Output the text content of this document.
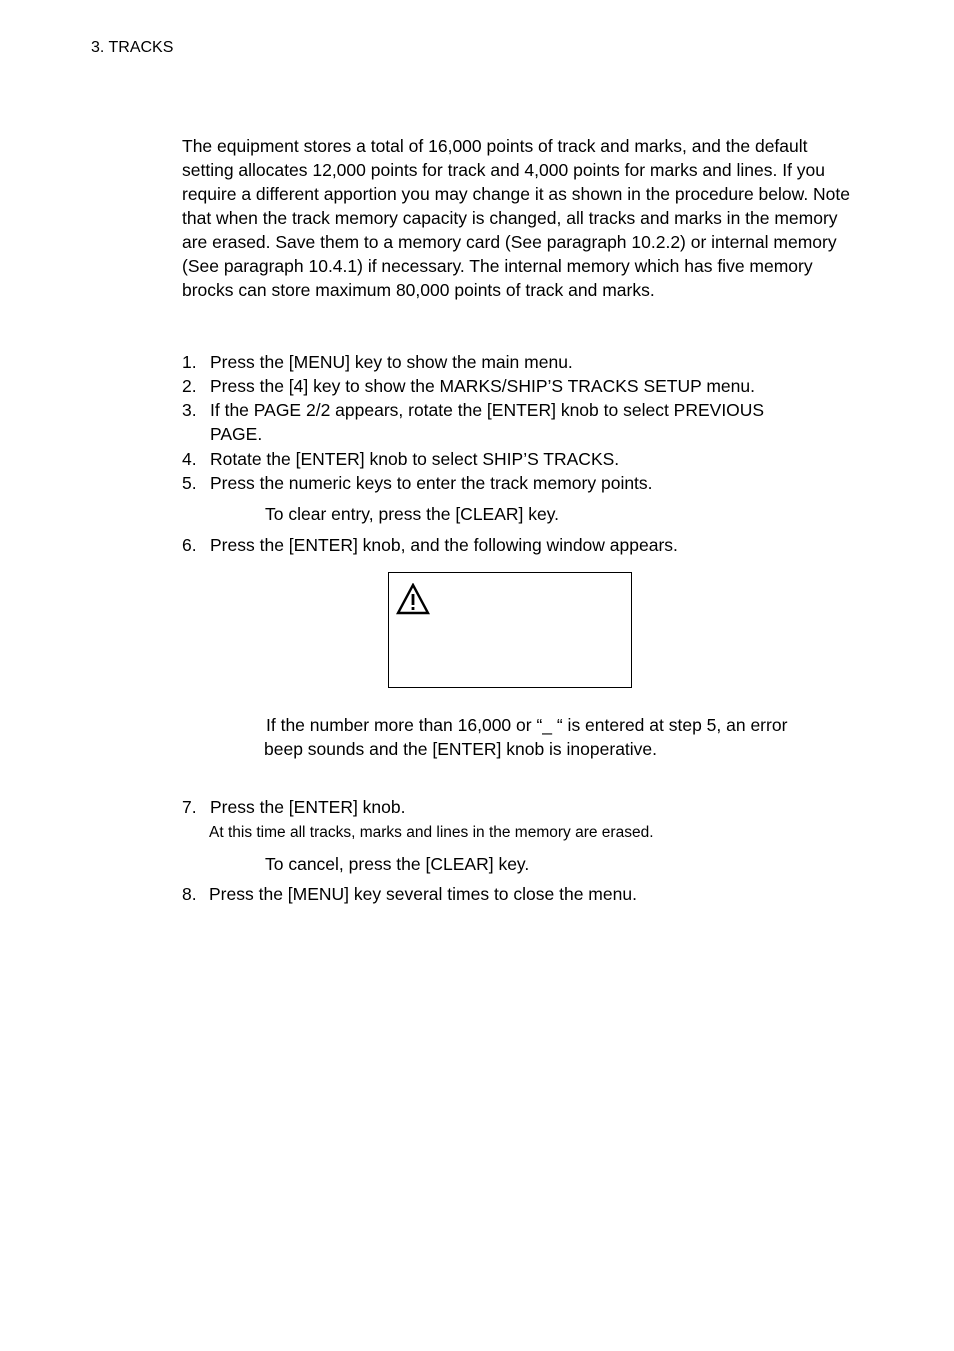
3. TRACKS
The equipment stores a total of 16,000 points of track and marks, and the default setting allocates 12,000 points for track and 4,000 points for marks and lines. If you require a different apportion you may change it as shown in the procedure below. Note that when the track memory capacity is changed, all tracks and marks in the memory are erased. Save them to a memory card (See paragraph 10.2.2) or internal memory (See paragraph 10.4.1) if necessary. The internal memory which has five memory brocks can store maximum 80,000 points of track and marks.
1. Press the [MENU] key to show the main menu.
2. Press the [4] key to show the MARKS/SHIP’S TRACKS SETUP menu.
3. If the PAGE 2/2 appears, rotate the [ENTER] knob to select PREVIOUS PAGE.
4. Rotate the [ENTER] knob to select SHIP’S TRACKS.
5. Press the numeric keys to enter the track memory points.
6. Press the [ENTER] knob, and the following window appears.
7. Press the [ENTER] knob.
8. Press the [MENU] key several times to close the menu.
To clear entry, press the [CLEAR] key.
If the number more than 16,000 or “_ “ is entered at step 5, an error
beep sounds and the [ENTER] knob is inoperative.
At this time all tracks, marks and lines in the memory are erased.
To cancel, press the [CLEAR] key.
